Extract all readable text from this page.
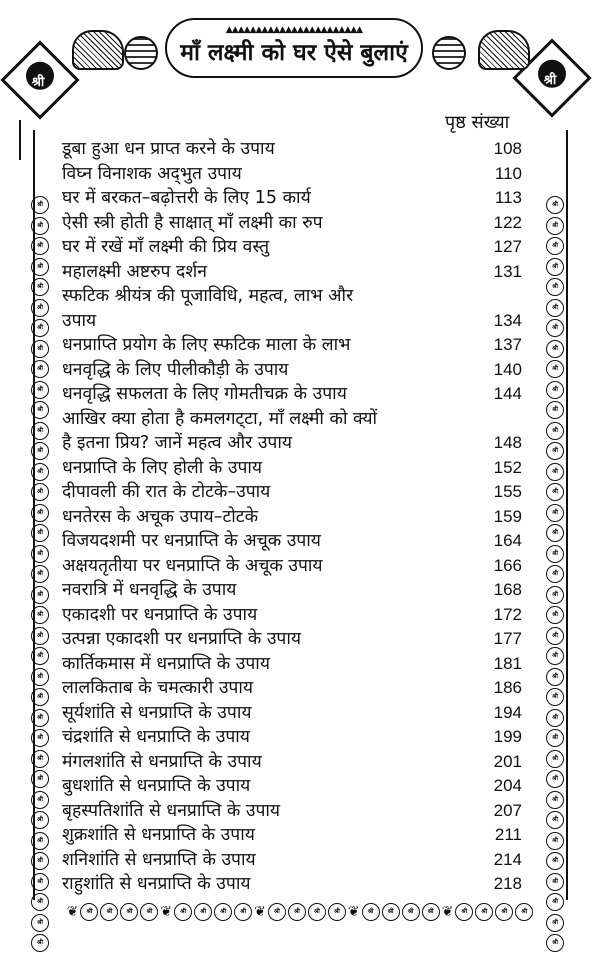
श्री	श्री
▲▲▲▲▲▲▲▲▲▲▲▲▲▲▲▲▲▲▲▲▲▲▲
माँ लक्ष्मी को घर ऐसे बुलाएं
पृष्ठ संख्या
श्री
श्री
श्री
श्री
श्री
श्री
श्री
श्री
श्री
श्री
श्री
श्री
श्री
श्री
श्री
श्री
श्री
श्री
श्री
श्री
श्री
श्री
श्री
श्री
श्री
श्री
श्री
श्री
श्री
श्री
श्री
श्री
श्री
श्री
श्री
श्री
श्री
श्री
श्री
श्री
श्री
श्री
श्री
श्री
श्री
श्री
श्री
श्री
श्री
श्री
श्री
श्री
श्री
श्री
श्री
श्री
श्री
श्री
श्री
श्री
श्री
श्री
श्री
श्री
श्री
श्री
श्री
श्री
श्री
श्री
श्री
श्री
श्री
श्री
डूबा हुआ धन प्राप्त करने के उपाय	108
विघ्न विनाशक अद्‌भुत उपाय	110
घर में बरकत–बढ़ोत्तरी के लिए 15 कार्य	113
ऐसी स्त्री होती है साक्षात् माँ लक्ष्मी का रुप	122
घर में रखें माँ लक्ष्मी की प्रिय वस्तु	127
महालक्ष्मी अष्टरुप दर्शन	131
स्फटिक श्रीयंत्र की पूजाविधि, महत्व, लाभ और
उपाय	134
धनप्राप्ति प्रयोग के लिए स्फटिक माला के लाभ	137
धनवृद्धि के लिए पीलीकौड़ी के उपाय	140
धनवृद्धि सफलता के लिए गोमतीचक्र के उपाय	144
आखिर क्या होता है कमलगट्‌टा, माँ लक्ष्मी को क्यों
है इतना प्रिय? जानें महत्व और उपाय	148
धनप्राप्ति के लिए होली के उपाय	152
दीपावली की रात के टोटके–उपाय	155
धनतेरस के अचूक उपाय–टोटके	159
विजयदशमी पर धनप्राप्ति के अचूक उपाय	164
अक्षयतृतीया पर धनप्राप्ति के अचूक उपाय	166
नवरात्रि में धनवृद्धि के उपाय	168
एकादशी पर धनप्राप्ति के उपाय	172
उत्पन्ना एकादशी पर धनप्राप्ति के उपाय	177
कार्तिकमास में धनप्राप्ति के उपाय	181
लालकिताब के चमत्कारी उपाय	186
सूर्यशांति से धनप्राप्ति के उपाय	194
चंद्रशांति से धनप्राप्ति के उपाय	199
मंगलशांति से धनप्राप्ति के उपाय	201
बुधशांति से धनप्राप्ति के उपाय	204
बृहस्पतिशांति से धनप्राप्ति के उपाय	207
शुक्रशांति से धनप्राप्ति के उपाय	211
शनिशांति से धनप्राप्ति के उपाय	214
राहुशांति से धनप्राप्ति के उपाय	218
❦	श्री	श्री	श्री	श्री ❦	श्री	श्री	श्री	श्री ❦	श्री	श्री	श्री	श्री ❦	श्री	श्री	श्री	श्री ❦	श्री	श्री	श्री	श्री
